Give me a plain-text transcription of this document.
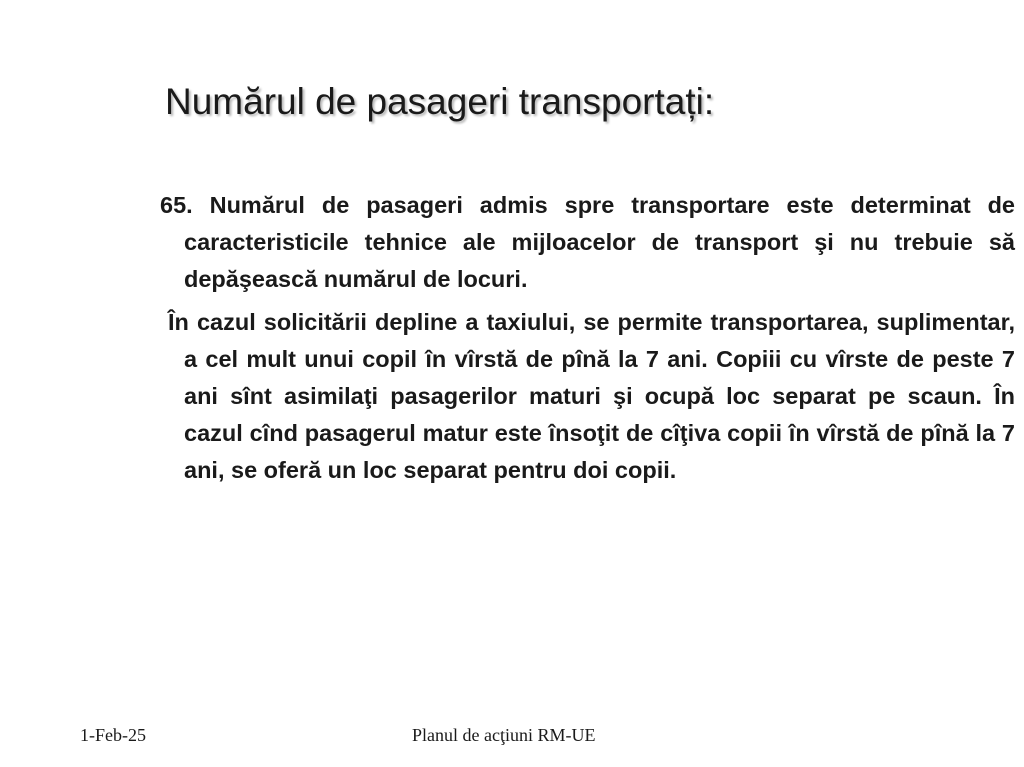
Numărul de pasageri transportați:

65. Numărul de pasageri admis spre transportare este determinat de caracteristicile tehnice ale mijloacelor de transport şi nu trebuie să depăşească numărul de locuri.

În cazul solicitării depline a taxiului, se permite transportarea, suplimentar, a cel mult unui copil în vîrstă de pînă la 7 ani. Copiii cu vîrste de peste 7 ani sînt asimilaţi pasagerilor maturi şi ocupă loc separat pe scaun. În cazul cînd pasagerul matur este însoţit de cîţiva copii în vîrstă de pînă la 7 ani, se oferă un loc separat pentru doi copii.

1-Feb-25	Planul de acţiuni RM-UE
